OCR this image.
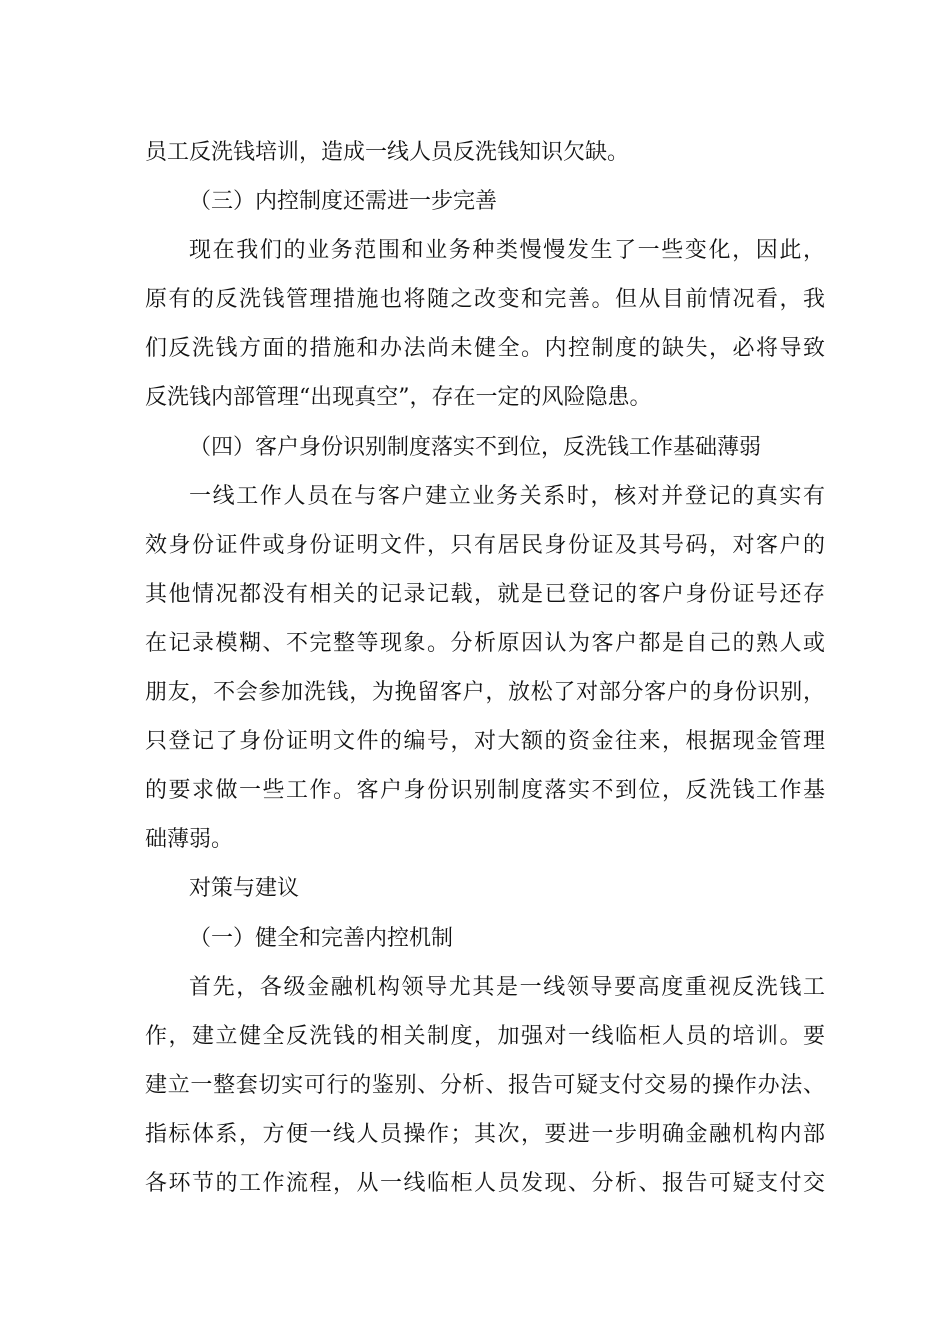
员工反洗钱培训，造成一线人员反洗钱知识欠缺。
（三）内控制度还需进一步完善
现在我们的业务范围和业务种类慢慢发生了一些变化，因此，
原有的反洗钱管理措施也将随之改变和完善。但从目前情况看，我
们反洗钱方面的措施和办法尚未健全。内控制度的缺失，必将导致
反洗钱内部管理“出现真空”，存在一定的风险隐患。
（四）客户身份识别制度落实不到位，反洗钱工作基础薄弱
一线工作人员在与客户建立业务关系时，核对并登记的真实有
效身份证件或身份证明文件，只有居民身份证及其号码，对客户的
其他情况都没有相关的记录记载，就是已登记的客户身份证号还存
在记录模糊、不完整等现象。分析原因认为客户都是自己的熟人或
朋友，不会参加洗钱，为挽留客户，放松了对部分客户的身份识别，
只登记了身份证明文件的编号，对大额的资金往来，根据现金管理
的要求做一些工作。客户身份识别制度落实不到位，反洗钱工作基
础薄弱。
对策与建议
（一）健全和完善内控机制
首先，各级金融机构领导尤其是一线领导要高度重视反洗钱工
作，建立健全反洗钱的相关制度，加强对一线临柜人员的培训。要
建立一整套切实可行的鉴别、分析、报告可疑支付交易的操作办法、
指标体系，方便一线人员操作；其次，要进一步明确金融机构内部
各环节的工作流程，从一线临柜人员发现、分析、报告可疑支付交
